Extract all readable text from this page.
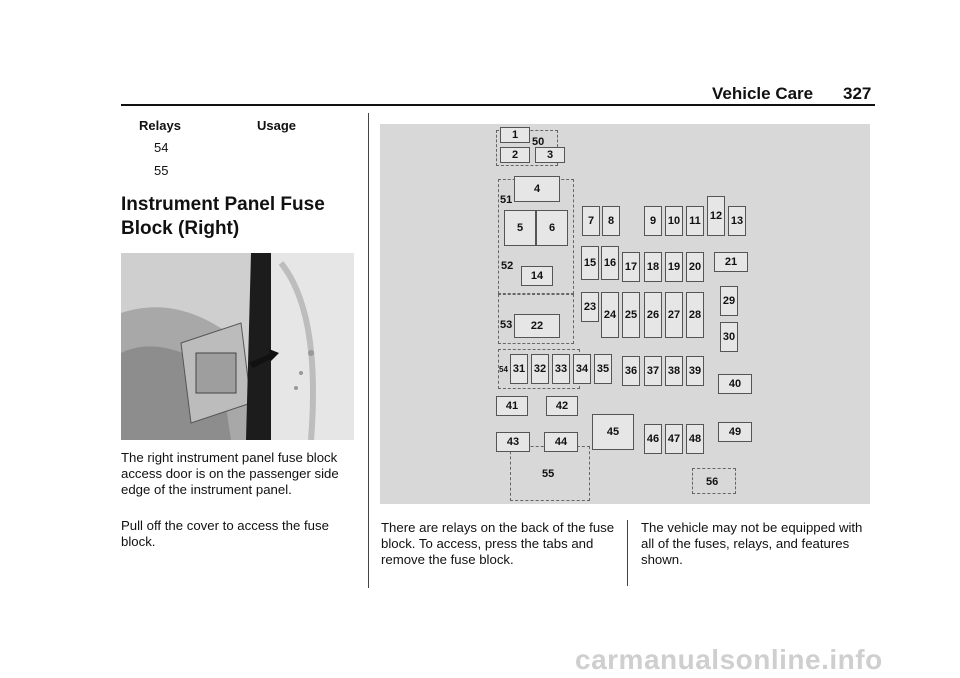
Vehicle Care 327
Relays	Usage
54
55
Instrument Panel Fuse Block (Right)
The right instrument panel fuse block access door is on the passenger side edge of the instrument panel.
Pull off the cover to access the fuse block.
1
2	3
4
5	6
7	8	9	10 11 12 13
14
15 16 17 18 19 20	21
22
23
24 25 26 27 28
29
30
31 32 33 34 35 36 37 38 39
40
41	42
43	44
45
46 47 48
49
50
51
52
53
54
55
56
There are relays on the back of the fuse block. To access, press the tabs and remove the fuse block.
The vehicle may not be equipped with all of the fuses, relays, and features shown.
carmanualsonline.info
